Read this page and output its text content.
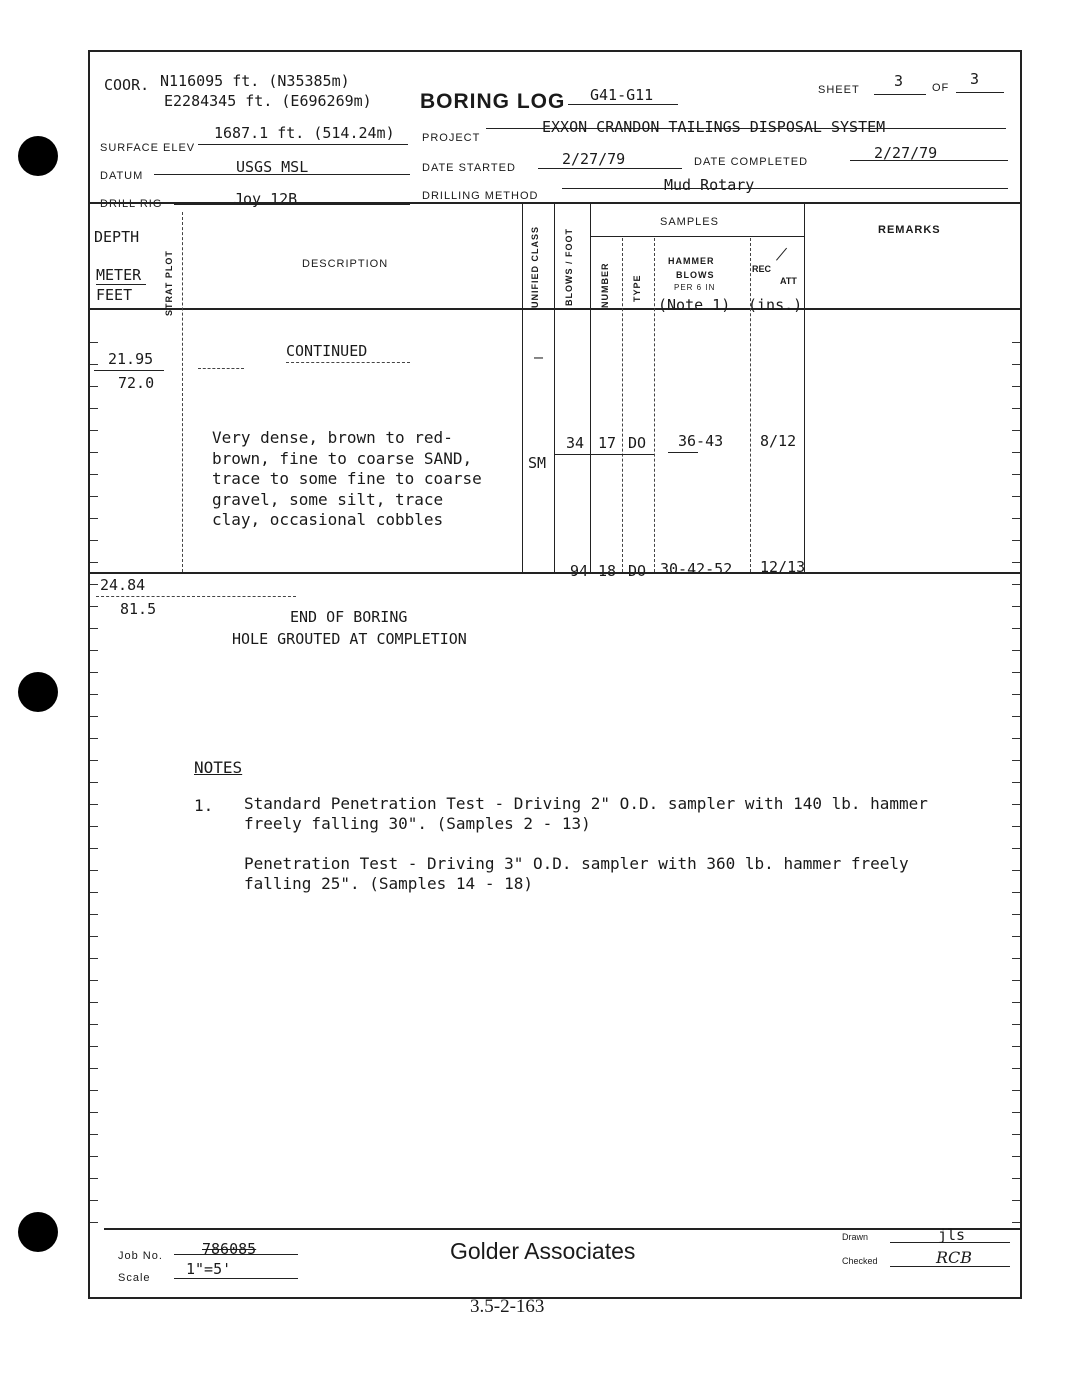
COOR. N116095 ft. (N35385m)
E2284345 ft. (E696269m) BORING LOG G41-G11	SHEET 3	OF 3
SURFACE ELEV
1687.1 ft. (514.24m) PROJECT
EXXON CRANDON TAILINGS DISPOSAL SYSTEM
DATUM	USGS MSL	DATE STARTED	2/27/79	DATE COMPLETED	2/27/79
DRILL RIG	Joy 12B	DRILLING METHOD
Mud Rotary
DEPTH
METER
FEET	STRAT PLOT	DESCRIPTION	UNIFIED CLASS	BLOWS / FOOT
SAMPLES
NUMBER TYPE
HAMMER
BLOWS
PER 6 IN
(Note 1)
REC
ATT
(ins.)
REMARKS
CONTINUED
21.95
72.0
Very dense, brown to red-
brown, fine to coarse SAND,
trace to some fine to coarse
gravel, some silt, trace
clay, occasional cobbles
–
SM
34 17 DO 36-43 8/12
94 18 DO 30-42-52 12/13
24.84
81.5	END OF BORING
HOLE GROUTED AT COMPLETION
NOTES
1. Standard Penetration Test - Driving 2" O.D. sampler with 140 lb. hammer
freely falling 30". (Samples 2 - 13)
Penetration Test - Driving 3" O.D. sampler with 360 lb. hammer freely
falling 25". (Samples 14 - 18)
Job No.	786085
Scale 1"=5'
Golder Associates
Drawn	jls
Checked	RCB
3.5-2-163
